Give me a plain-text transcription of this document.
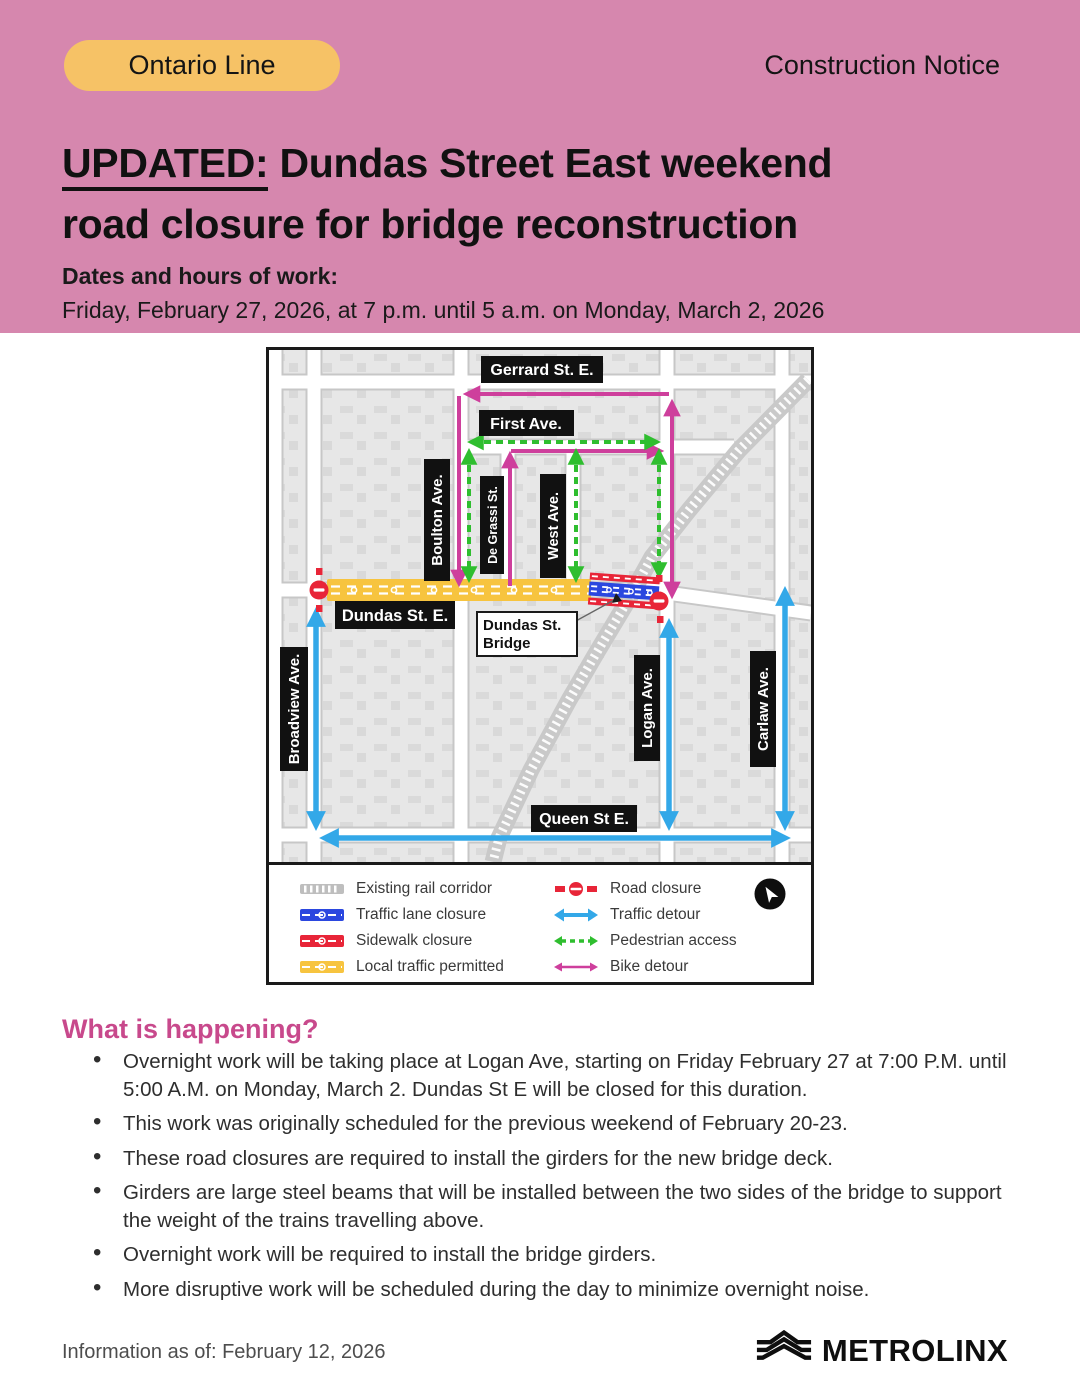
Ontario Line	Construction Notice
UPDATED: Dundas Street East weekend
road closure for bridge reconstruction
Dates and hours of work:
Friday, February 27, 2026, at 7 p.m. until 5 a.m. on Monday, March 2, 2026
Gerrard St. E.
First Ave.
Boulton Ave.	De Grassi St.	West Ave.
Dundas St. E.
Dundas St.
Bridge
Broadview Ave.	Logan Ave.	Carlaw Ave.
Queen St E.
Existing rail corridor
Traffic lane closure
Sidewalk closure
Local traffic permitted
Road closure
Traffic detour
Pedestrian access
Bike detour
What is happening?
• Overnight work will be taking place at Logan Ave, starting on Friday February 27 at 7:00 P.M. until 5:00 A.M. on Monday, March 2. Dundas St E will be closed for this duration.
• This work was originally scheduled for the previous weekend of February 20-23.
• These road closures are required to install the girders for the new bridge deck.
• Girders are large steel beams that will be installed between the two sides of the bridge to support the weight of the trains travelling above.
• Overnight work will be required to install the bridge girders.
• More disruptive work will be scheduled during the day to minimize overnight noise.
Information as of: February 12, 2026	METROLINX
